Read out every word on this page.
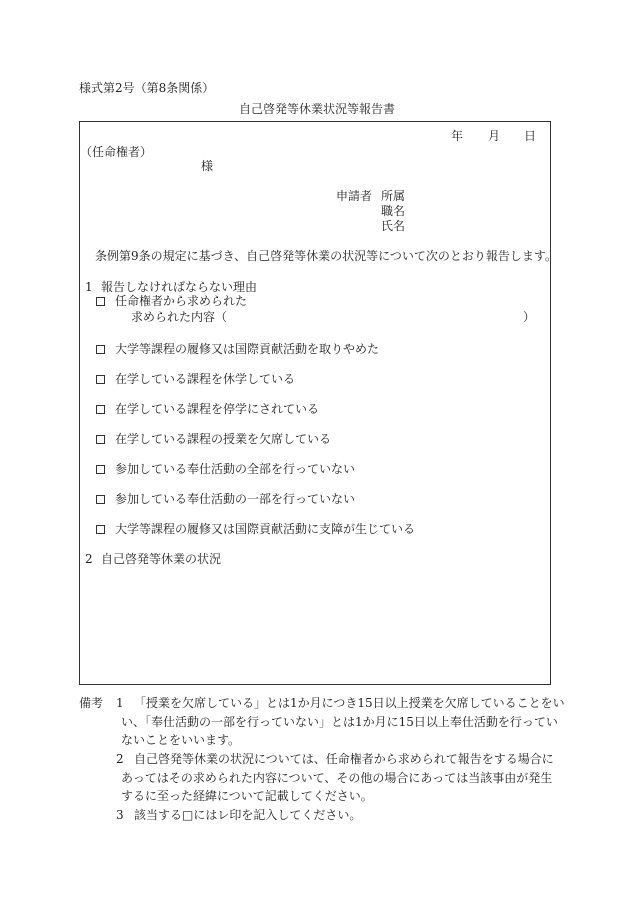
様式第2号（第8条関係）
自己啓発等休業状況等報告書
年 月 日
（任命権者）
様
申請者 所属
職名
氏名
条例第9条の規定に基づき、自己啓発等休業の状況等について次のとおり報告します。
1 報告しなければならない理由
任命権者から求められた
求められた内容（	）
大学等課程の履修又は国際貢献活動を取りやめた
在学している課程を休学している
在学している課程を停学にされている
在学している課程の授業を欠席している
参加している奉仕活動の全部を行っていない
参加している奉仕活動の一部を行っていない
大学等課程の履修又は国際貢献活動に支障が生じている
2 自己啓発等休業の状況
備考 1 「授業を欠席している」とは1か月につき15日以上授業を欠席していることをい
い、「奉仕活動の一部を行っていない」とは1か月に15日以上奉仕活動を行ってい
ないことをいいます。
2 自己啓発等休業の状況については、任命権者から求められて報告をする場合に
あってはその求められた内容について、その他の場合にあっては当該事由が発生
するに至った経緯について記載してください。
3 該当する□にはレ印を記入してください。
